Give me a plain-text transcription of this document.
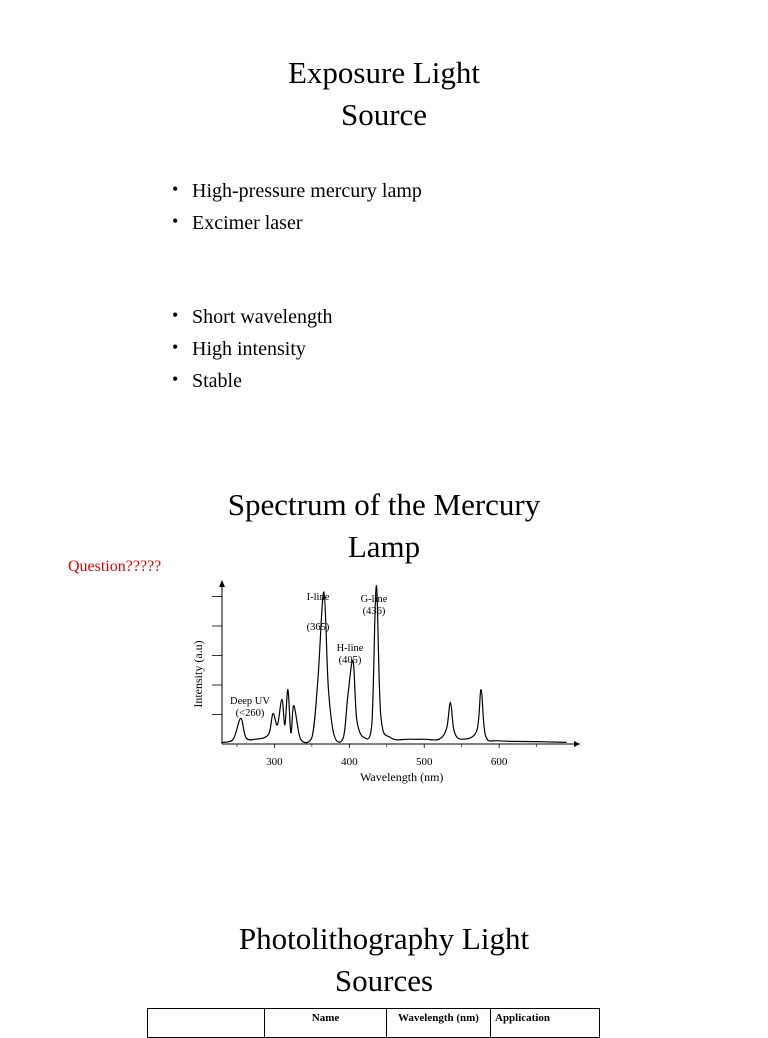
Exposure Light
Source
• High-pressure mercury lamp
• Excimer laser
• Short wavelength
• High intensity
• Stable
Spectrum of the Mercury
Lamp
Question?????
300	400	500	600
Wavelength (nm)
Intensity (a.u)
I-line
(365)
G-line
(436)
H-line
(405)
Deep UV
(<260)
Photolithography Light
Sources
	Name	Wavelength (nm)	Application
